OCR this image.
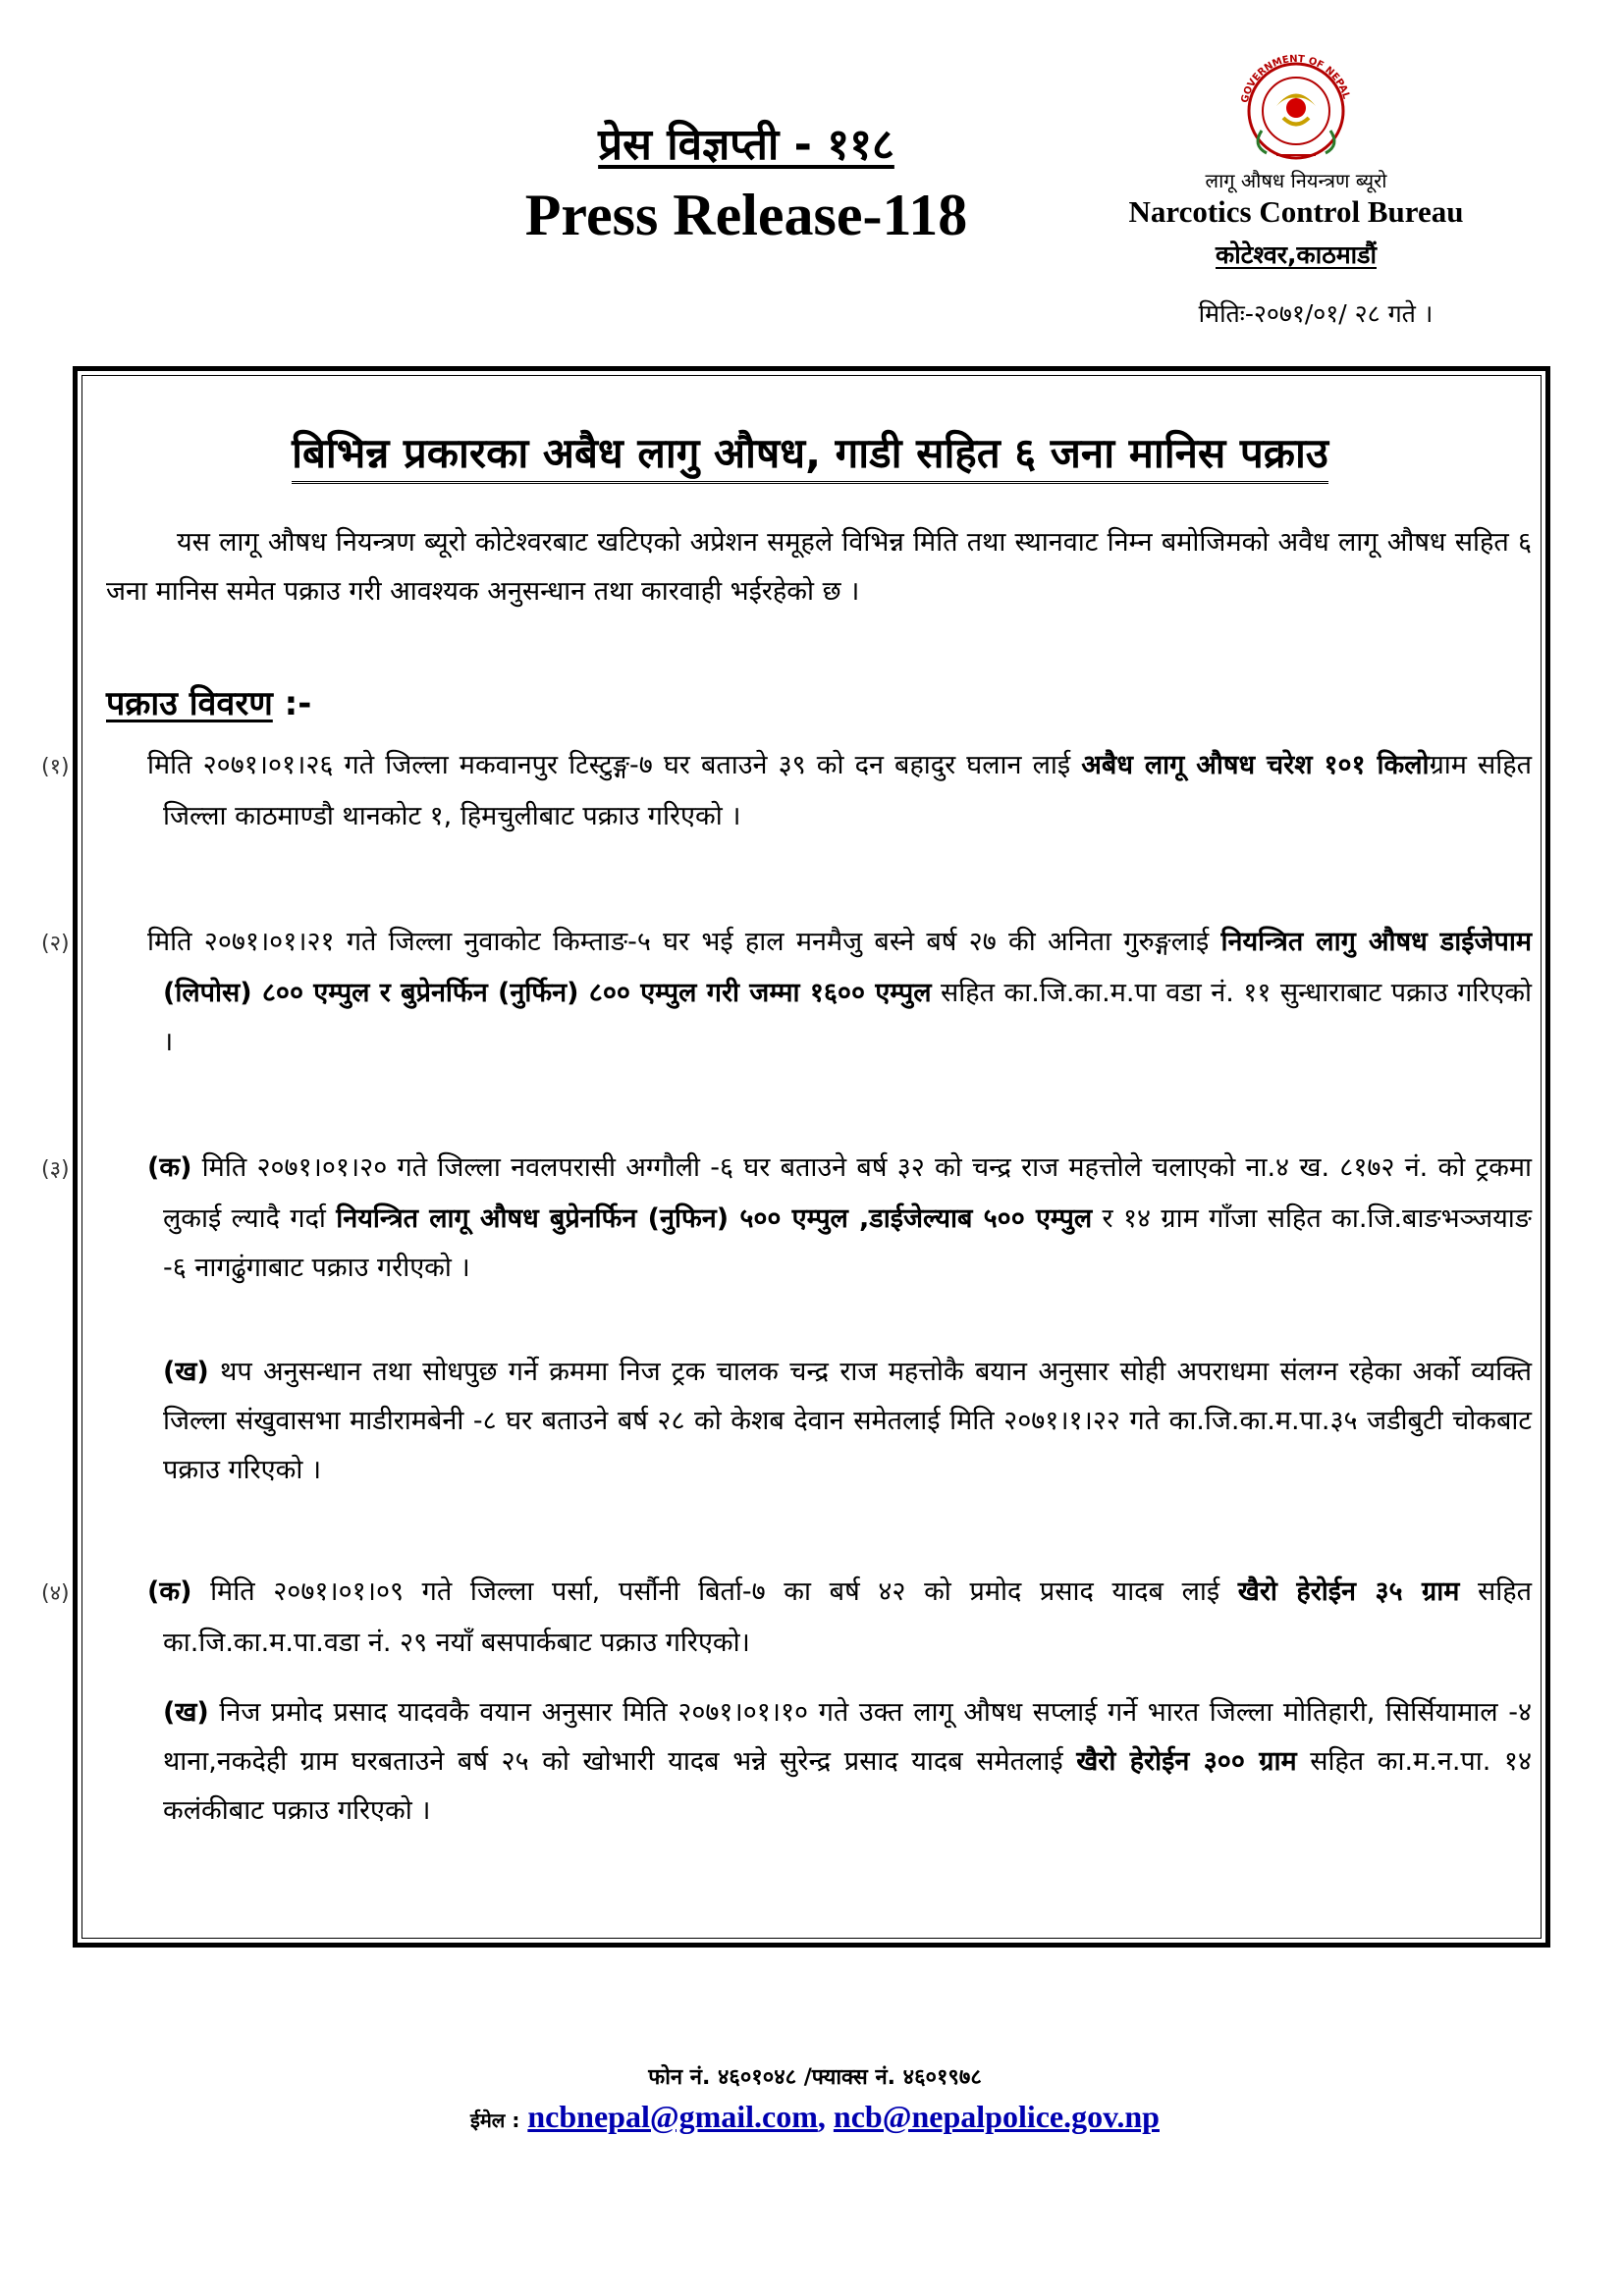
प्रेस विज्ञप्ती - ११८
Press Release-118
GOVERNMENT OF NEPAL
लागू औषध नियन्त्रण ब्यूरो
Narcotics Control Bureau
कोटेश्वर,काठमाडौं
मितिः-२०७१/०१/ २८ गते ।
बिभिन्न प्रकारका अबैध लागु औषध, गाडी सहित ६ जना मानिस पक्राउ
यस लागू औषध नियन्त्रण ब्यूरो कोटेश्वरबाट खटिएको अप्रेशन समूहले विभिन्न मिति तथा स्थानवाट निम्न बमोजिमको अवैध लागू औषध सहित ६ जना मानिस समेत पक्राउ गरी आवश्यक अनुसन्धान तथा कारवाही भईरहेको छ ।
पक्राउ विवरण :-
(१)	मिति २०७१।०१।२६ गते जिल्ला मकवानपुर टिस्टुङ्ग-७ घर बताउने ३९ को दन बहादुर घलान लाई अबैध लागू औषध चरेश १०१ किलोग्राम सहित जिल्ला काठमाण्डौ थानकोट १, हिमचुलीबाट पक्राउ गरिएको ।
(२)	मिति २०७१।०१।२१ गते जिल्ला नुवाकोट किम्ताङ-५ घर भई हाल मनमैजु बस्ने बर्ष २७ की अनिता गुरुङ्गलाई नियन्त्रित लागु औषध डाईजेपाम (लिपोस) ८०० एम्पुल र बुप्रेनर्फिन (नुर्फिन) ८०० एम्पुल गरी जम्मा १६०० एम्पुल सहित का.जि.का.म.पा वडा नं. ११ सुन्धाराबाट पक्राउ गरिएको ।
(३)	(क) मिति २०७१।०१।२० गते जिल्ला नवलपरासी अग्गौली -६ घर बताउने बर्ष ३२ को चन्द्र राज महत्तोले चलाएको ना.४ ख. ८१७२ नं. को ट्रकमा लुकाई ल्यादै गर्दा नियन्त्रित लागू औषध बुप्रेनर्फिन (नुफिन) ५०० एम्पुल ,डाईजेल्याब ५०० एम्पुल र १४ ग्राम गाँजा सहित का.जि.बाङभञ्जयाङ -६ नागढुंगाबाट पक्राउ गरीएको ।
(ख) थप अनुसन्धान तथा सोधपुछ गर्ने क्रममा निज ट्रक चालक चन्द्र राज महत्तोकै बयान अनुसार सोही अपराधमा संलग्न रहेका अर्को व्यक्ति जिल्ला संखुवासभा माडीरामबेनी -८ घर बताउने बर्ष २८ को केशब देवान समेतलाई मिति २०७१।१।२२ गते का.जि.का.म.पा.३५ जडीबुटी चोकबाट पक्राउ गरिएको ।
(४)	(क) मिति २०७१।०१।०९ गते जिल्ला पर्सा, पर्सौनी बिर्ता-७ का बर्ष ४२ को प्रमोद प्रसाद यादब लाई खैरो हेरोईन ३५ ग्राम सहित का.जि.का.म.पा.वडा नं. २९ नयाँ बसपार्कबाट पक्राउ गरिएको।
(ख) निज प्रमोद प्रसाद यादवकै वयान अनुसार मिति २०७१।०१।१० गते उक्त लागू औषध सप्लाई गर्ने भारत जिल्ला मोतिहारी, सिर्सियामाल -४ थाना,नकदेही ग्राम घरबताउने बर्ष २५ को खोभारी यादब भन्ने सुरेन्द्र प्रसाद यादब समेतलाई खैरो हेरोईन ३०० ग्राम सहित का.म.न.पा. १४ कलंकीबाट पक्राउ गरिएको ।
फोन नं. ४६०१०४८ /फ्याक्स नं. ४६०१९७८
ईमेल : ncbnepal@gmail.com, ncb@nepalpolice.gov.np
